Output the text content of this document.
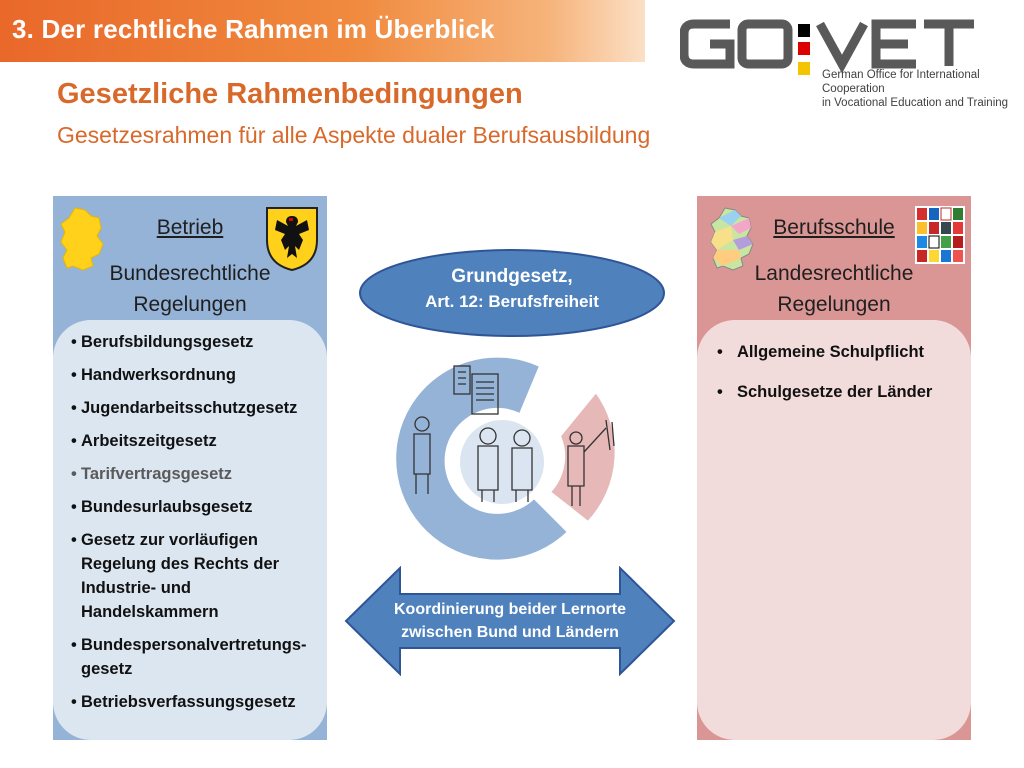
3. Der rechtliche Rahmen im Überblick
German Office for International Cooperation
in Vocational Education and Training
Gesetzliche Rahmenbedingungen
Gesetzesrahmen für alle Aspekte dualer Berufsausbildung
Betrieb
Bundesrechtliche
Regelungen
• Berufsbildungsgesetz
• Handwerksordnung
• Jugendarbeitsschutzgesetz
• Arbeitszeitgesetz
• Tarifvertragsgesetz
• Bundesurlaubsgesetz
• Gesetz zur vorläufigen Regelung des Rechts der Industrie- und Handelskammern
• Bundespersonalvertretungs-gesetz
• Betriebsverfassungsgesetz
Berufsschule
Landesrechtliche
Regelungen
• Allgemeine Schulpflicht
• Schulgesetze der Länder
Grundgesetz,
Art. 12: Berufsfreiheit
Koordinierung beider Lernorte
zwischen Bund und Ländern
